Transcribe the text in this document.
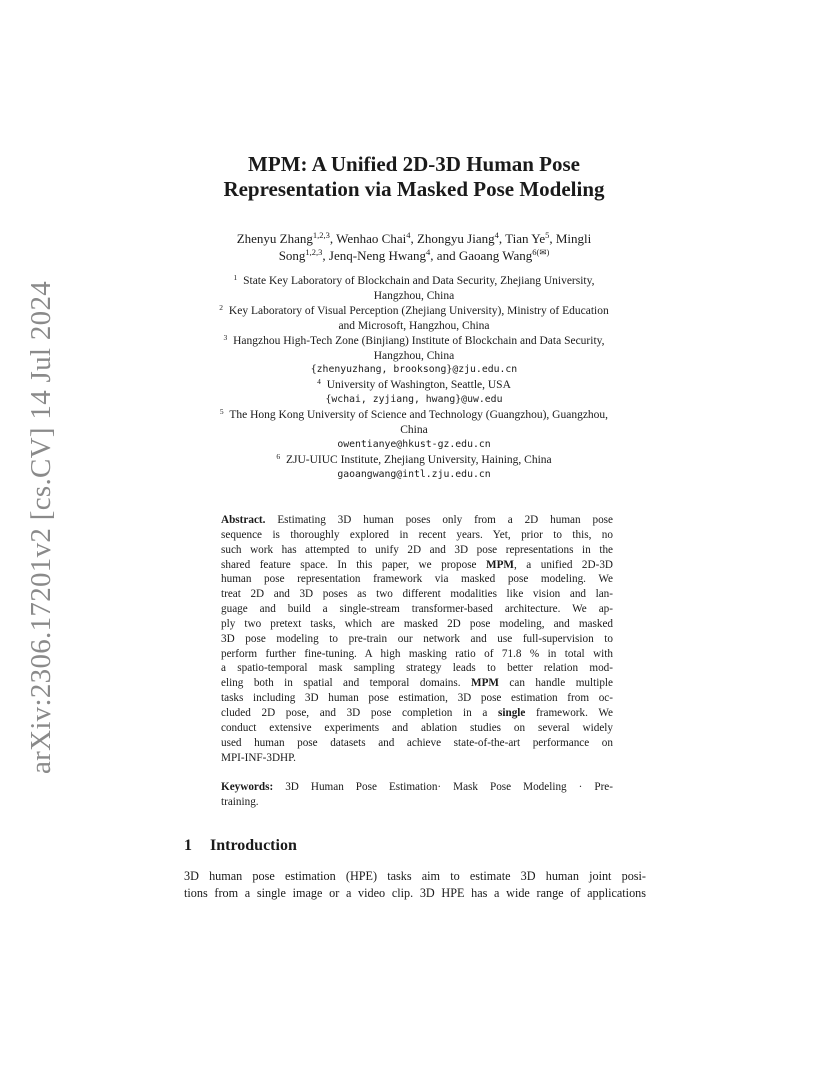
arXiv:2306.17201v2 [cs.CV] 14 Jul 2024
MPM: A Unified 2D-3D Human Pose
Representation via Masked Pose Modeling
Zhenyu Zhang$^{1,2,3}$, Wenhao Chai$^4$, Zhongyu Jiang$^4$, Tian Ye$^5$, Mingli
Song$^{1,2,3}$, Jenq-Neng Hwang$^4$, and Gaoang Wang$^{6(✉)}$
$^1$ State Key Laboratory of Blockchain and Data Security, Zhejiang University,
Hangzhou, China
$^2$ Key Laboratory of Visual Perception (Zhejiang University), Ministry of Education
and Microsoft, Hangzhou, China
$^3$ Hangzhou High-Tech Zone (Binjiang) Institute of Blockchain and Data Security,
Hangzhou, China
{zhenyuzhang, brooksong}@zju.edu.cn
$^4$ University of Washington, Seattle, USA
{wchai, zyjiang, hwang}@uw.edu
$^5$ The Hong Kong University of Science and Technology (Guangzhou), Guangzhou,
China
owentianye@hkust-gz.edu.cn
$^6$ ZJU-UIUC Institute, Zhejiang University, Haining, China
gaoangwang@intl.zju.edu.cn
Abstract. Estimating 3D human poses only from a 2D human pose
sequence is thoroughly explored in recent years. Yet, prior to this, no
such work has attempted to unify 2D and 3D pose representations in the
shared feature space. In this paper, we propose MPM, a unified 2D-3D
human pose representation framework via masked pose modeling. We
treat 2D and 3D poses as two different modalities like vision and lan-
guage and build a single-stream transformer-based architecture. We ap-
ply two pretext tasks, which are masked 2D pose modeling, and masked
3D pose modeling to pre-train our network and use full-supervision to
perform further fine-tuning. A high masking ratio of 71.8 % in total with
a spatio-temporal mask sampling strategy leads to better relation mod-
eling both in spatial and temporal domains. MPM can handle multiple
tasks including 3D human pose estimation, 3D pose estimation from oc-
cluded 2D pose, and 3D pose completion in a single framework. We
conduct extensive experiments and ablation studies on several widely
used human pose datasets and achieve state-of-the-art performance on
MPI-INF-3DHP.
Keywords: 3D Human Pose Estimation· Mask Pose Modeling · Pre-
training.
1 Introduction
3D human pose estimation (HPE) tasks aim to estimate 3D human joint posi-
tions from a single image or a video clip. 3D HPE has a wide range of applications
